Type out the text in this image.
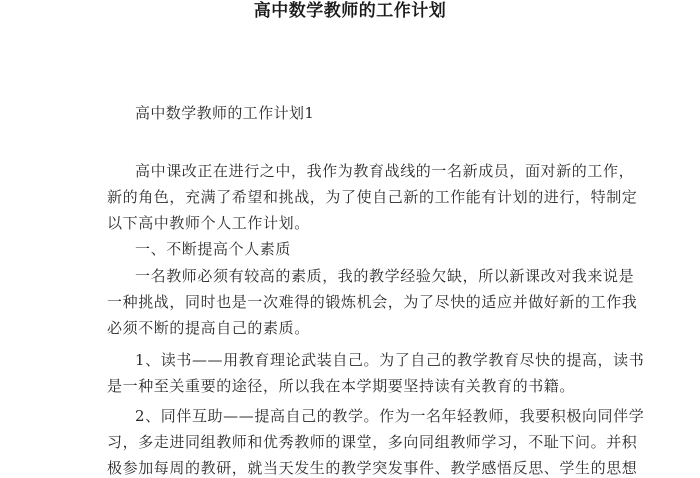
高中数学教师的工作计划
高中数学教师的工作计划1
高中课改正在进行之中，我作为教育战线的一名新成员，面对新的工作，
新的角色，充满了希望和挑战，为了使自己新的工作能有计划的进行，特制定
以下高中教师个人工作计划。
一、不断提高个人素质
一名教师必须有较高的素质，我的教学经验欠缺，所以新课改对我来说是
一种挑战，同时也是一次难得的锻炼机会，为了尽快的适应并做好新的工作我
必须不断的提高自己的素质。
1、读书——用教育理论武装自己。为了自己的教学教育尽快的提高，读书
是一种至关重要的途径，所以我在本学期要坚持读有关教育的书籍。
2、同伴互助——提高自己的教学。作为一名年轻教师，我要积极向同伴学
习，多走进同组教师和优秀教师的课堂，多向同组教师学习，不耻下问。并积
极参加每周的教研，就当天发生的教学突发事件、教学感悟反思、学生的思想
